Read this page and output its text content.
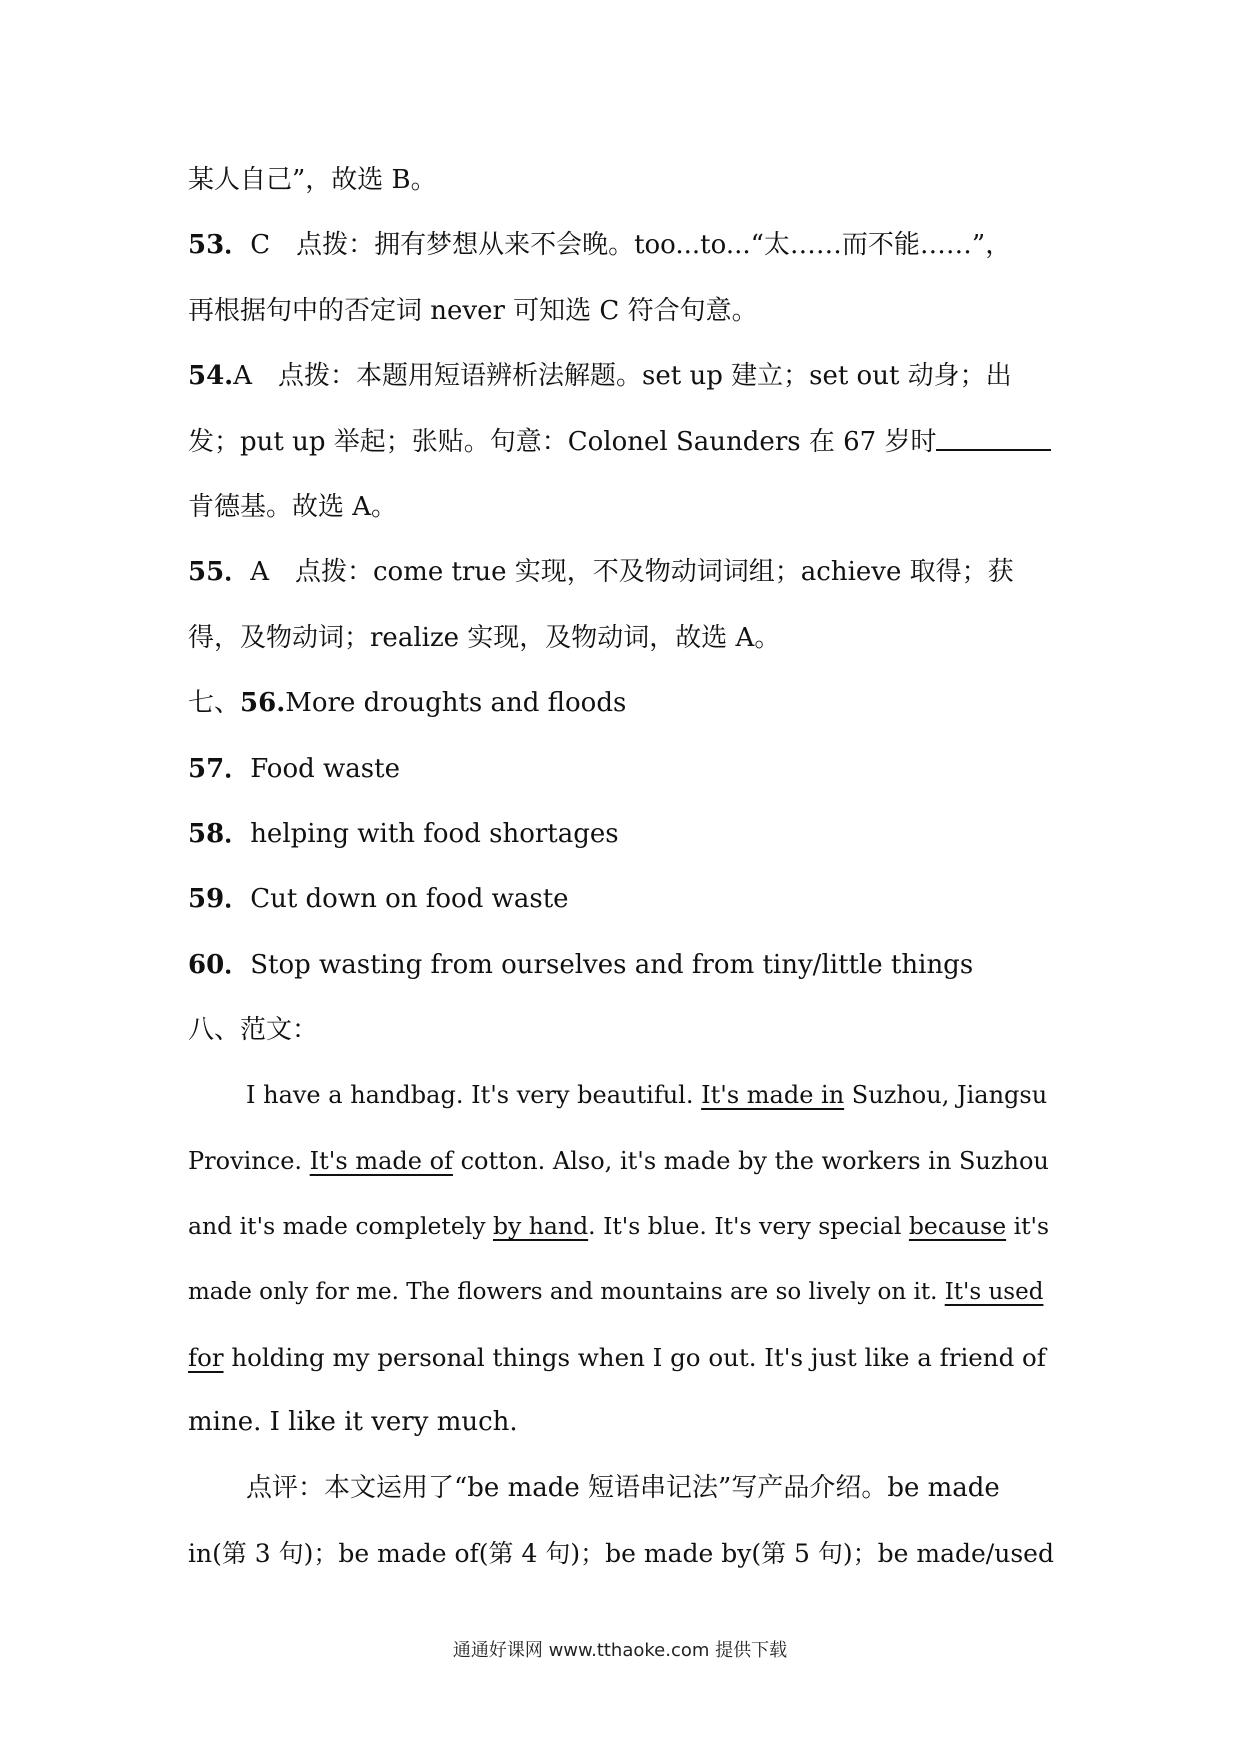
某人自己”，故选 B。
53．C　点拨：拥有梦想从来不会晚。too...to...“太……而不能……”，
再根据句中的否定词 never 可知选 C 符合句意。
54.A　点拨：本题用短语辨析法解题。set up 建立；set out 动身；出
发；put up 举起；张贴。句意：Colonel Saunders 在 67 岁时
肯德基。故选 A。
55．A　点拨：come true 实现，不及物动词词组；achieve 取得；获
得，及物动词；realize 实现，及物动词，故选 A。
七、56.More droughts and floods
57．Food waste
58．helping with food shortages
59．Cut down on food waste
60．Stop wasting from ourselves and from tiny/little things
八、范文：
I have a handbag. It's very beautiful. It's made in Suzhou, Jiangsu
Province. It's made of cotton. Also, it's made by the workers in Suzhou
and it's made completely by hand. It's blue. It's very special because it's
made only for me. The flowers and mountains are so lively on it. It's used
for holding my personal things when I go out. It's just like a friend of
mine. I like it very much.
点评：本文运用了“be made 短语串记法”写产品介绍。be made
in(第 3 句)；be made of(第 4 句)；be made by(第 5 句)；be made/used
通通好课网 www.tthaoke.com 提供下载
